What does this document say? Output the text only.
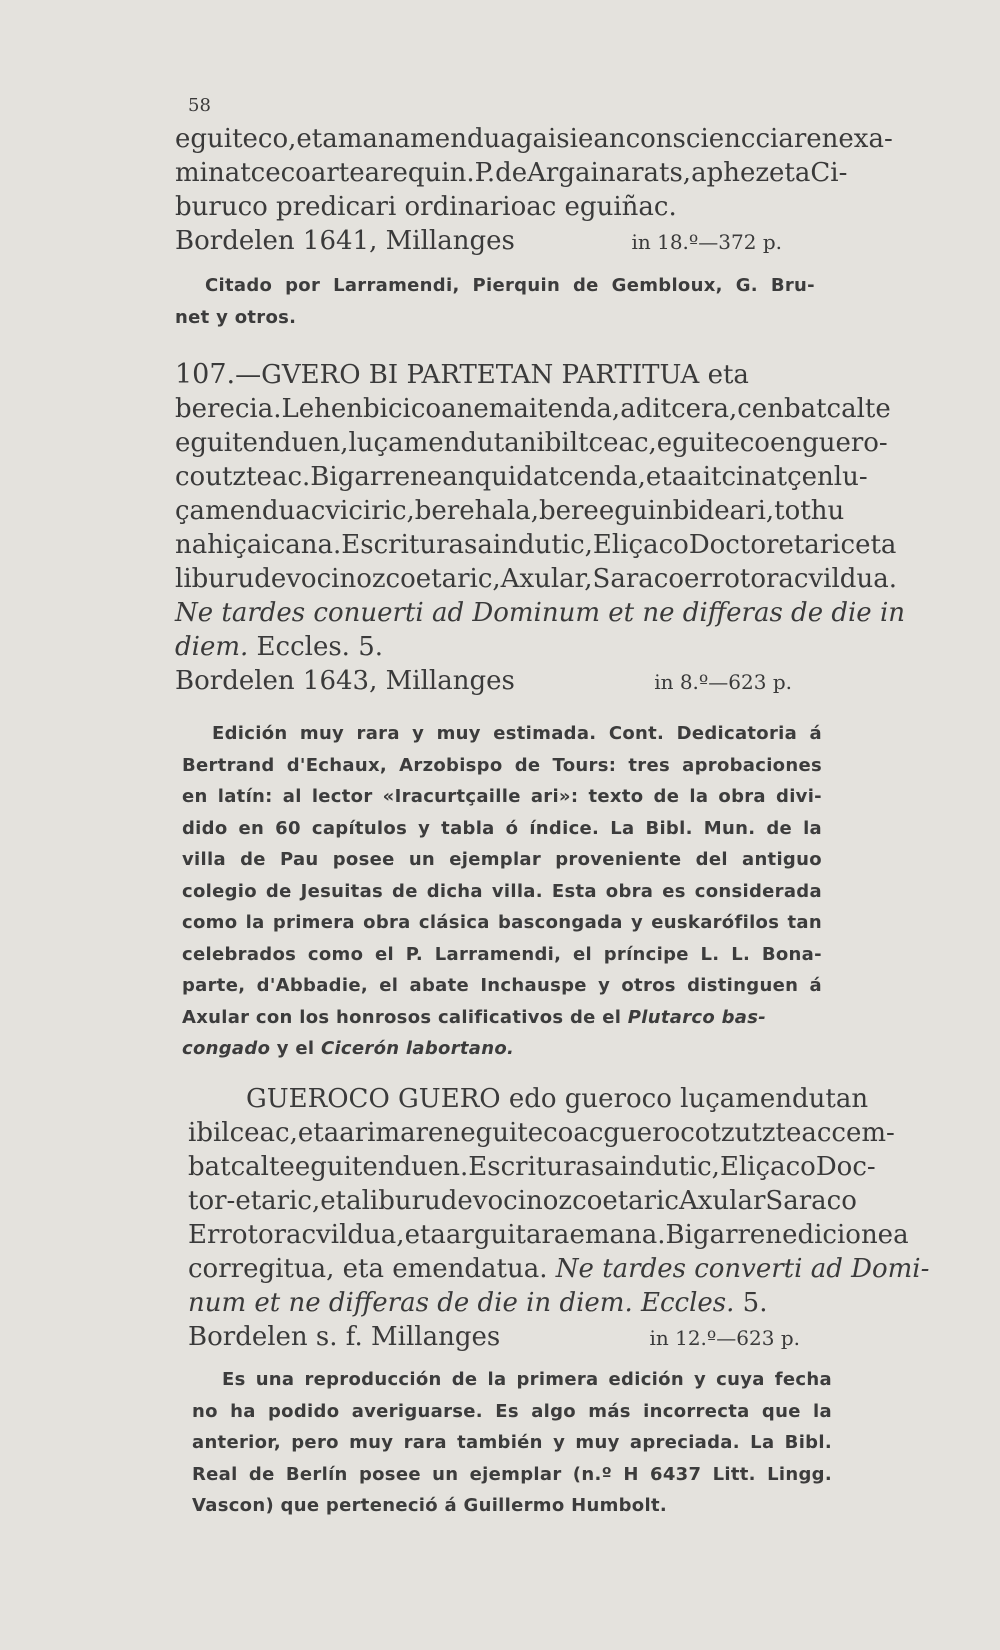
58
eguiteco, eta manamendua gaisiean consciencciaren exa-
minatceco artearequin. P. de Argainarats, aphez eta Ci-
buruco predicari ordinarioac eguiñac.
Bordelen 1641, Millanges	in 18.º—372 p.
Citado por Larramendi, Pierquin de Gembloux, G. Bru-
net y otros.
107.—GVERO BI PARTETAN PARTITUA eta
berecia. Lehenbicicoan emaitenda, aditcera, cenbat calte
eguiten duen, luçamendutan ibiltceac, eguiteco en guero-
co utzteac. Bigarrenean quidatcenda, eta aitcinatçen lu-
çamenduac viciric, bere hala, bere eguin bideari, tothu
nahiçaicana. Escritura saindutic, Eliçaco Doctor etaric eta
liburu devocinozco etaric, Axular, Saraco errotorac vildua.
Ne tardes conuerti ad Dominum et ne differas de die in
diem. Eccles. 5.
Bordelen 1643, Millanges	in 8.º—623 p.
Edición muy rara y muy estimada. Cont. Dedicatoria á
Bertrand d'Echaux, Arzobispo de Tours: tres aprobaciones
en latín: al lector «Iracurtçaille ari»: texto de la obra divi-
dido en 60 capítulos y tabla ó índice. La Bibl. Mun. de la
villa de Pau posee un ejemplar proveniente del antiguo
colegio de Jesuitas de dicha villa. Esta obra es considerada
como la primera obra clásica bascongada y euskarófilos tan
celebrados como el P. Larramendi, el príncipe L. L. Bona-
parte, d'Abbadie, el abate Inchauspe y otros distinguen á
Axular con los honrosos calificativos de el Plutarco bas-
congado y el Cicerón labortano.
GUEROCO GUERO edo gueroco luçamendutan
ibilceac, eta arimaren eguitecoac guerocotz utzteac cem-
bat calte eguiten duen. Escritura saindutic, Eliçaco Doc-
tor-etaric, eta liburu devocinozcoetaric Axular Saraco
Errotorac vildua, eta arguitara emana. Bigarren edicionea
corregitua, eta emendatua. Ne tardes converti ad Domi-
num et ne differas de die in diem. Eccles. 5.
Bordelen s. f. Millanges	in 12.º—623 p.
Es una reproducción de la primera edición y cuya fecha
no ha podido averiguarse. Es algo más incorrecta que la
anterior, pero muy rara también y muy apreciada. La Bibl.
Real de Berlín posee un ejemplar (n.º H 6437 Litt. Lingg.
Vascon) que perteneció á Guillermo Humbolt.
